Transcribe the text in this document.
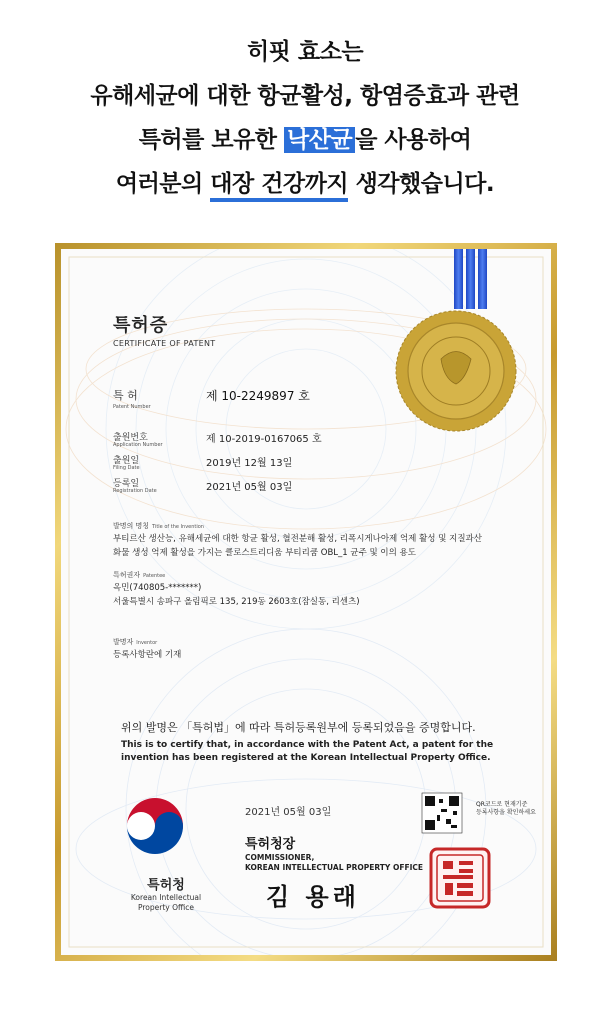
히핏 효소는
유해세균에 대한 항균활성, 항염증효과 관련
특허를 보유한 낙산균 을 사용하여
여러분의 대장 건강까지 생각했습니다.
특허증
CERTIFICATE OF PATENT
특 허
Patent Number
제 10-2249897 호
출원번호
Application Number	제 10-2019-0167065 호
출원일
Filing Date	2019년 12월 13일
등록일
Registration Date	2021년 05월 03일
발명의 명칭 Title of the Invention
부티르산 생산능, 유해세균에 대한 항균 활성, 혈전분해 활성, 리폭시게나아제 억제 활성 및 지질과산
화물 생성 억제 활성을 가지는 클로스트리디움 부티리쿰 OBL_1 균주 및 이의 용도
특허권자 Patentee
옥민(740805-*******)
서울특별시 송파구 올림픽로 135, 219동 2603호(잠실동, 리센츠)
발명자 Inventor
등록사항란에 기재
위의 발명은 「특허법」에 따라 특허등록원부에 등록되었음을 증명합니다.
This is to certify that, in accordance with the Patent Act, a patent for the
invention has been registered at the Korean Intellectual Property Office.
2021년 05월 03일
특허청장
COMMISSIONER,
KOREAN INTELLECTUAL PROPERTY OFFICE
김 용래
특허청
Korean Intellectual
Property Office
QR코드로 현재기준
등록사항을 확인하세요
